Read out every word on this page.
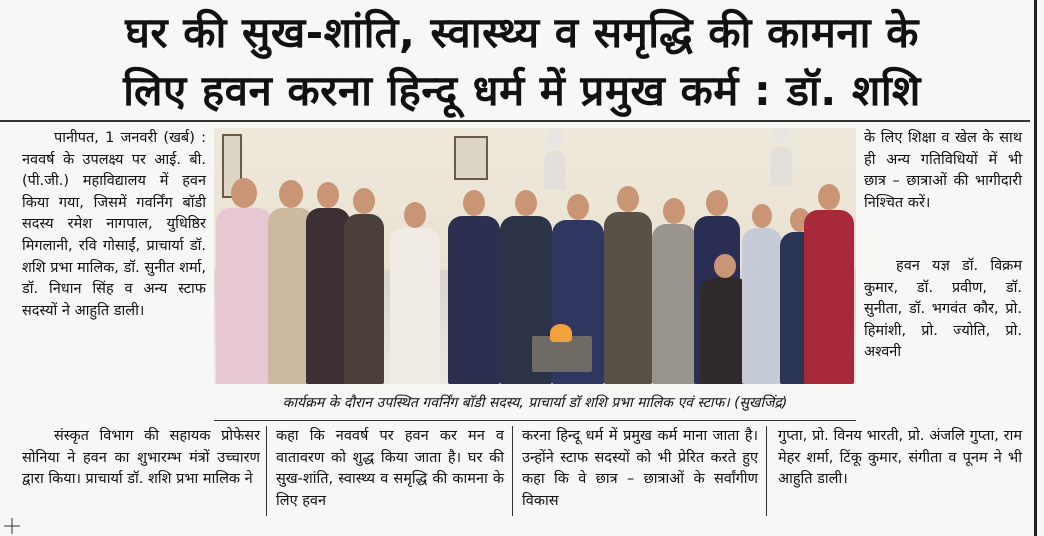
घर की सुख-शांति, स्वास्थ्य व समृद्धि की कामना के
लिए हवन करना हिन्दू धर्म में प्रमुख कर्म : डॉ. शशि

पानीपत, 1 जनवरी (खर्ब) : नववर्ष के उपलक्ष्य पर आई. बी. (पी.जी.) महाविद्यालय में हवन किया गया, जिसमें गवर्निंग बॉडी सदस्य रमेश नागपाल, युधिष्ठिर मिगलानी, रवि गोसाईं, प्राचार्या डॉ. शशि प्रभा मालिक, डॉ. सुनीत शर्मा, डॉ. निधान सिंह व अन्य स्टाफ सदस्यों ने आहुति डाली।

कार्यक्रम के दौरान उपस्थित गवर्निंग बॉडी सदस्य, प्राचार्या डॉ शशि प्रभा मालिक एवं स्टाफ। (सुखजिंद्र)

के लिए शिक्षा व खेल के साथ ही अन्य गतिविधियों में भी छात्र – छात्राओं की भागीदारी निश्चित करें।

हवन यज्ञ डॉ. विक्रम कुमार, डॉ. प्रवीण, डॉ. सुनीता, डॉ. भगवंत कौर, प्रो. हिमांशी, प्रो. ज्योति, प्रो. अश्वनी

संस्कृत विभाग की सहायक प्रोफेसर सोनिया ने हवन का शुभारम्भ मंत्रों उच्चारण द्वारा किया। प्राचार्या डॉ. शशि प्रभा मालिक ने

कहा कि नववर्ष पर हवन कर मन व वातावरण को शुद्ध किया जाता है। घर की सुख-शांति, स्वास्थ्य व समृद्धि की कामना के लिए हवन

करना हिन्दू धर्म में प्रमुख कर्म माना जाता है। उन्होंने स्टाफ सदस्यों को भी प्रेरित करते हुए कहा कि वे छात्र – छात्राओं के सर्वांगीण विकास

गुप्ता, प्रो. विनय भारती, प्रो. अंजलि गुप्ता, राम मेहर शर्मा, टिंकू कुमार, संगीता व पूनम ने भी आहुति डाली।
